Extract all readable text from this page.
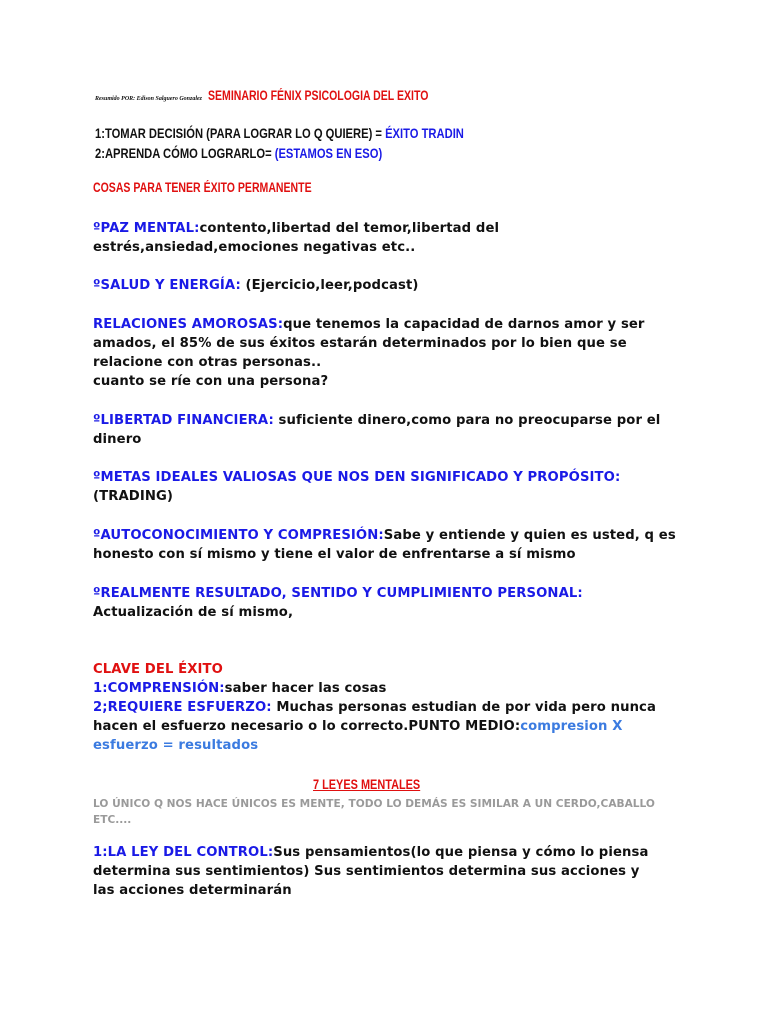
Resumido POR: Edison Salguero Gonzalez SEMINARIO FÉNIX PSICOLOGIA DEL EXITO
1:TOMAR DECISIÓN (PARA LOGRAR LO Q QUIERE) = ÉXITO TRADIN
2:APRENDA CÓMO LOGRARLO= (ESTAMOS EN ESO)
COSAS PARA TENER ÉXITO PERMANENTE
ºPAZ MENTAL:contento,libertad del temor,libertad del estrés,ansiedad,emociones negativas etc..
ºSALUD Y ENERGÍA: (Ejercicio,leer,podcast)
RELACIONES AMOROSAS:que tenemos la capacidad de darnos amor y ser amados, el 85% de sus éxitos estarán determinados por lo bien que se relacione con otras personas..
cuanto se ríe con una persona?
ºLIBERTAD FINANCIERA: suficiente dinero,como para no preocuparse por el dinero
ºMETAS IDEALES VALIOSAS QUE NOS DEN SIGNIFICADO Y PROPÓSITO:
(TRADING)
ºAUTOCONOCIMIENTO Y COMPRESIÓN:Sabe y entiende y quien es usted, q es honesto con sí mismo y tiene el valor de enfrentarse a sí mismo
ºREALMENTE RESULTADO, SENTIDO Y CUMPLIMIENTO PERSONAL:
Actualización de sí mismo,
CLAVE DEL ÉXITO
1:COMPRENSIÓN:saber hacer las cosas
2;REQUIERE ESFUERZO: Muchas personas estudian de por vida pero nunca hacen el esfuerzo necesario o lo correcto.PUNTO MEDIO:compresion X esfuerzo = resultados
7 LEYES MENTALES
LO ÚNICO Q NOS HACE ÚNICOS ES MENTE, TODO LO DEMÁS ES SIMILAR A UN CERDO,CABALLO ETC....
1:LA LEY DEL CONTROL:Sus pensamientos(lo que piensa y cómo lo piensa determina sus sentimientos) Sus sentimientos determina sus acciones y las acciones determinarán
